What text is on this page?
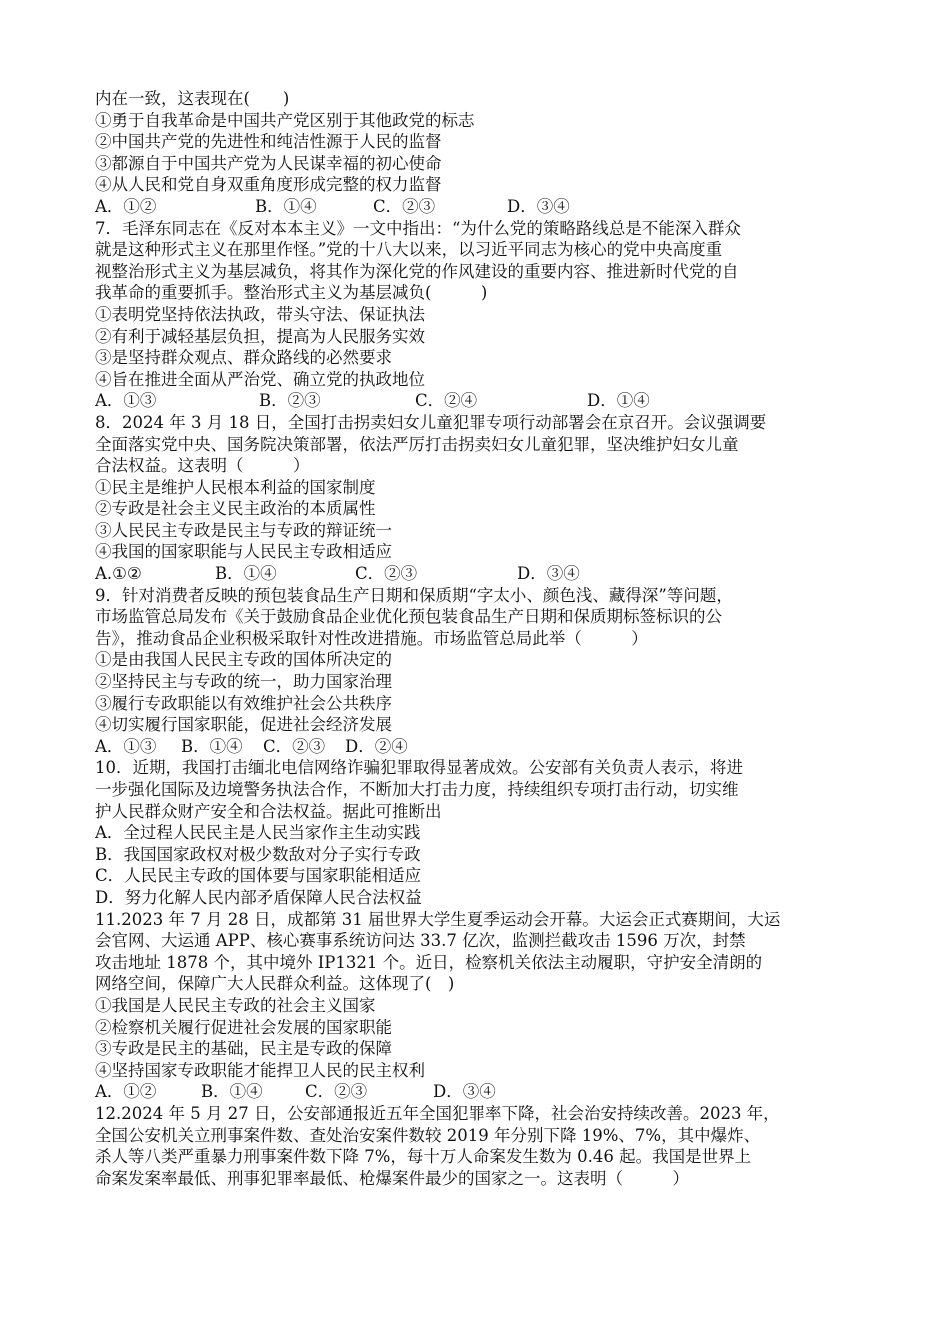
内在一致，这表现在(　　)
①勇于自我革命是中国共产党区别于其他政党的标志
②中国共产党的先进性和纯洁性源于人民的监督
③都源自于中国共产党为人民谋幸福的初心使命
④从人民和党自身双重角度形成完整的权力监督
A．①②	B．①④	C．②③	D．③④
7．毛泽东同志在《反对本本主义》一文中指出：“为什么党的策略路线总是不能深入群众
就是这种形式主义在那里作怪。”党的十八大以来，以习近平同志为核心的党中央高度重
视整治形式主义为基层减负，将其作为深化党的作风建设的重要内容、推进新时代党的自
我革命的重要抓手。整治形式主义为基层减负(　　　)
①表明党坚持依法执政，带头守法、保证执法
②有利于减轻基层负担，提高为人民服务实效
③是坚持群众观点、群众路线的必然要求
④旨在推进全面从严治党、确立党的执政地位
A．①③	B．②③	C．②④	D．①④
8．2024 年 3 月 18 日，全国打击拐卖妇女儿童犯罪专项行动部署会在京召开。会议强调要
全面落实党中央、国务院决策部署，依法严厉打击拐卖妇女儿童犯罪，坚决维护妇女儿童
合法权益。这表明（　　　）
①民主是维护人民根本利益的国家制度
②专政是社会主义民主政治的本质属性
③人民民主专政是民主与专政的辩证统一
④我国的国家职能与人民民主专政相适应
A.①②	B．①④	C．②③	D．③④
9．针对消费者反映的预包装食品生产日期和保质期“字太小、颜色浅、藏得深”等问题，
市场监管总局发布《关于鼓励食品企业优化预包装食品生产日期和保质期标签标识的公
告》，推动食品企业积极采取针对性改进措施。市场监管总局此举（　　　）
①是由我国人民民主专政的国体所决定的
②坚持民主与专政的统一，助力国家治理
③履行专政职能以有效维护社会公共秩序
④切实履行国家职能，促进社会经济发展
A．①③	B．①④	C．②③	D．②④
10．近期，我国打击缅北电信网络诈骗犯罪取得显著成效。公安部有关负责人表示，将进
一步强化国际及边境警务执法合作，不断加大打击力度，持续组织专项打击行动，切实维
护人民群众财产安全和合法权益。据此可推断出
A．全过程人民民主是人民当家作主生动实践
B．我国国家政权对极少数敌对分子实行专政
C．人民民主专政的国体要与国家职能相适应
D．努力化解人民内部矛盾保障人民合法权益
11.2023 年 7 月 28 日，成都第 31 届世界大学生夏季运动会开幕。大运会正式赛期间，大运
会官网、大运通 APP、核心赛事系统访问达 33.7 亿次，监测拦截攻击 1596 万次，封禁
攻击地址 1878 个，其中境外 IP1321 个。近日，检察机关依法主动履职，守护安全清朗的
网络空间，保障广大人民群众利益。这体现了(　)
①我国是人民民主专政的社会主义国家
②检察机关履行促进社会发展的国家职能
③专政是民主的基础，民主是专政的保障
④坚持国家专政职能才能捍卫人民的民主权利
A．①②	B．①④	C．②③	D．③④
12.2024 年 5 月 27 日，公安部通报近五年全国犯罪率下降，社会治安持续改善。2023 年，
全国公安机关立刑事案件数、查处治安案件数较 2019 年分别下降 19%、7%，其中爆炸、
杀人等八类严重暴力刑事案件数下降 7%，每十万人命案发生数为 0.46 起。我国是世界上
命案发案率最低、刑事犯罪率最低、枪爆案件最少的国家之一。这表明（　　　）
